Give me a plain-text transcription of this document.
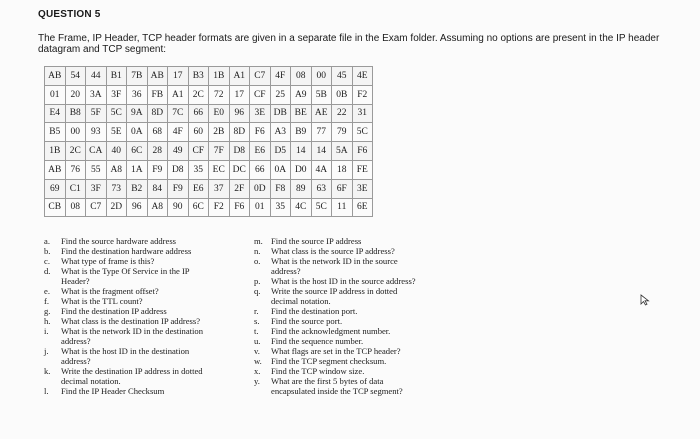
QUESTION 5
The Frame, IP Header, TCP header formats are given in a separate file in the Exam folder. Assuming no options are present in the IP header
datagram and TCP segment:
AB	54	44	B1	7B	AB	17	B3	1B	A1	C7	4F	08	00	45	4E
01	20	3A	3F	36	FB	A1	2C	72	17	CF	25	A9	5B	0B	F2
E4	B8	5F	5C	9A	8D	7C	66	E0	96	3E	DB	BE	AE	22	31
B5	00	93	5E	0A	68	4F	60	2B	8D	F6	A3	B9	77	79	5C
1B	2C	CA	40	6C	28	49	CF	7F	D8	E6	D5	14	14	5A	F6
AB	76	55	A8	1A	F9	D8	35	EC	DC	66	0A	D0	4A	18	FE
69	C1	3F	73	B2	84	F9	E6	37	2F	0D	F8	89	63	6F	3E
CB	08	C7	2D	96	A8	90	6C	F2	F6	01	35	4C	5C	11	6E
a.	Find the source hardware address
b.	Find the destination hardware address
c.	What type of frame is this?
d.	What is the Type Of Service in the IP
Header?
e.	What is the fragment offset?
f.	What is the TTL count?
g.	Find the destination IP address
h.	What class is the destination IP address?
i.	What is the network ID in the destination
address?
j.	What is the host ID in the destination
address?
k.	Write the destination IP address in dotted
decimal notation.
l.	Find the IP Header Checksum
m. Find the source IP address
n.	What class is the source IP address?
o.	What is the network ID in the source
address?
p.	What is the host ID in the source address?
q.	Write the source IP address in dotted
decimal notation.
r.	Find the destination port.
s.	Find the source port.
t.	Find the acknowledgment number.
u.	Find the sequence number.
v.	What flags are set in the TCP header?
w.	Find the TCP segment checksum.
x.	Find the TCP window size.
y.	What are the first 5 bytes of data
encapsulated inside the TCP segment?
